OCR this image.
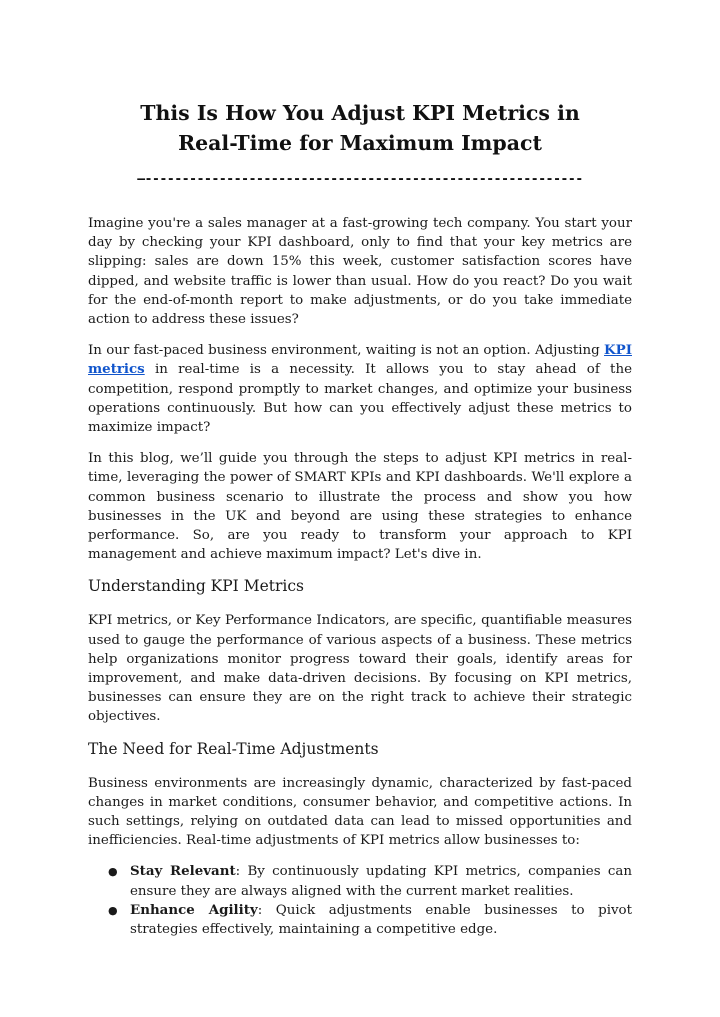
This Is How You Adjust KPI Metrics in
Real-Time for Maximum Impact
—-----------------------------------------------------------

Imagine you're a sales manager at a fast-growing tech company. You start your day by checking your KPI dashboard, only to find that your key metrics are slipping: sales are down 15% this week, customer satisfaction scores have dipped, and website traffic is lower than usual. How do you react? Do you wait for the end-of-month report to make adjustments, or do you take immediate action to address these issues?

In our fast-paced business environment, waiting is not an option. Adjusting KPI metrics in real-time is a necessity. It allows you to stay ahead of the competition, respond promptly to market changes, and optimize your business operations continuously. But how can you effectively adjust these metrics to maximize impact?

In this blog, we’ll guide you through the steps to adjust KPI metrics in real-time, leveraging the power of SMART KPIs and KPI dashboards. We'll explore a common business scenario to illustrate the process and show you how businesses in the UK and beyond are using these strategies to enhance performance. So, are you ready to transform your approach to KPI management and achieve maximum impact? Let's dive in.

Understanding KPI Metrics

KPI metrics, or Key Performance Indicators, are specific, quantifiable measures used to gauge the performance of various aspects of a business. These metrics help organizations monitor progress toward their goals, identify areas for improvement, and make data-driven decisions. By focusing on KPI metrics, businesses can ensure they are on the right track to achieve their strategic objectives.

The Need for Real-Time Adjustments

Business environments are increasingly dynamic, characterized by fast-paced changes in market conditions, consumer behavior, and competitive actions. In such settings, relying on outdated data can lead to missed opportunities and inefficiencies. Real-time adjustments of KPI metrics allow businesses to:

● Stay Relevant: By continuously updating KPI metrics, companies can ensure they are always aligned with the current market realities.
● Enhance Agility: Quick adjustments enable businesses to pivot strategies effectively, maintaining a competitive edge.
